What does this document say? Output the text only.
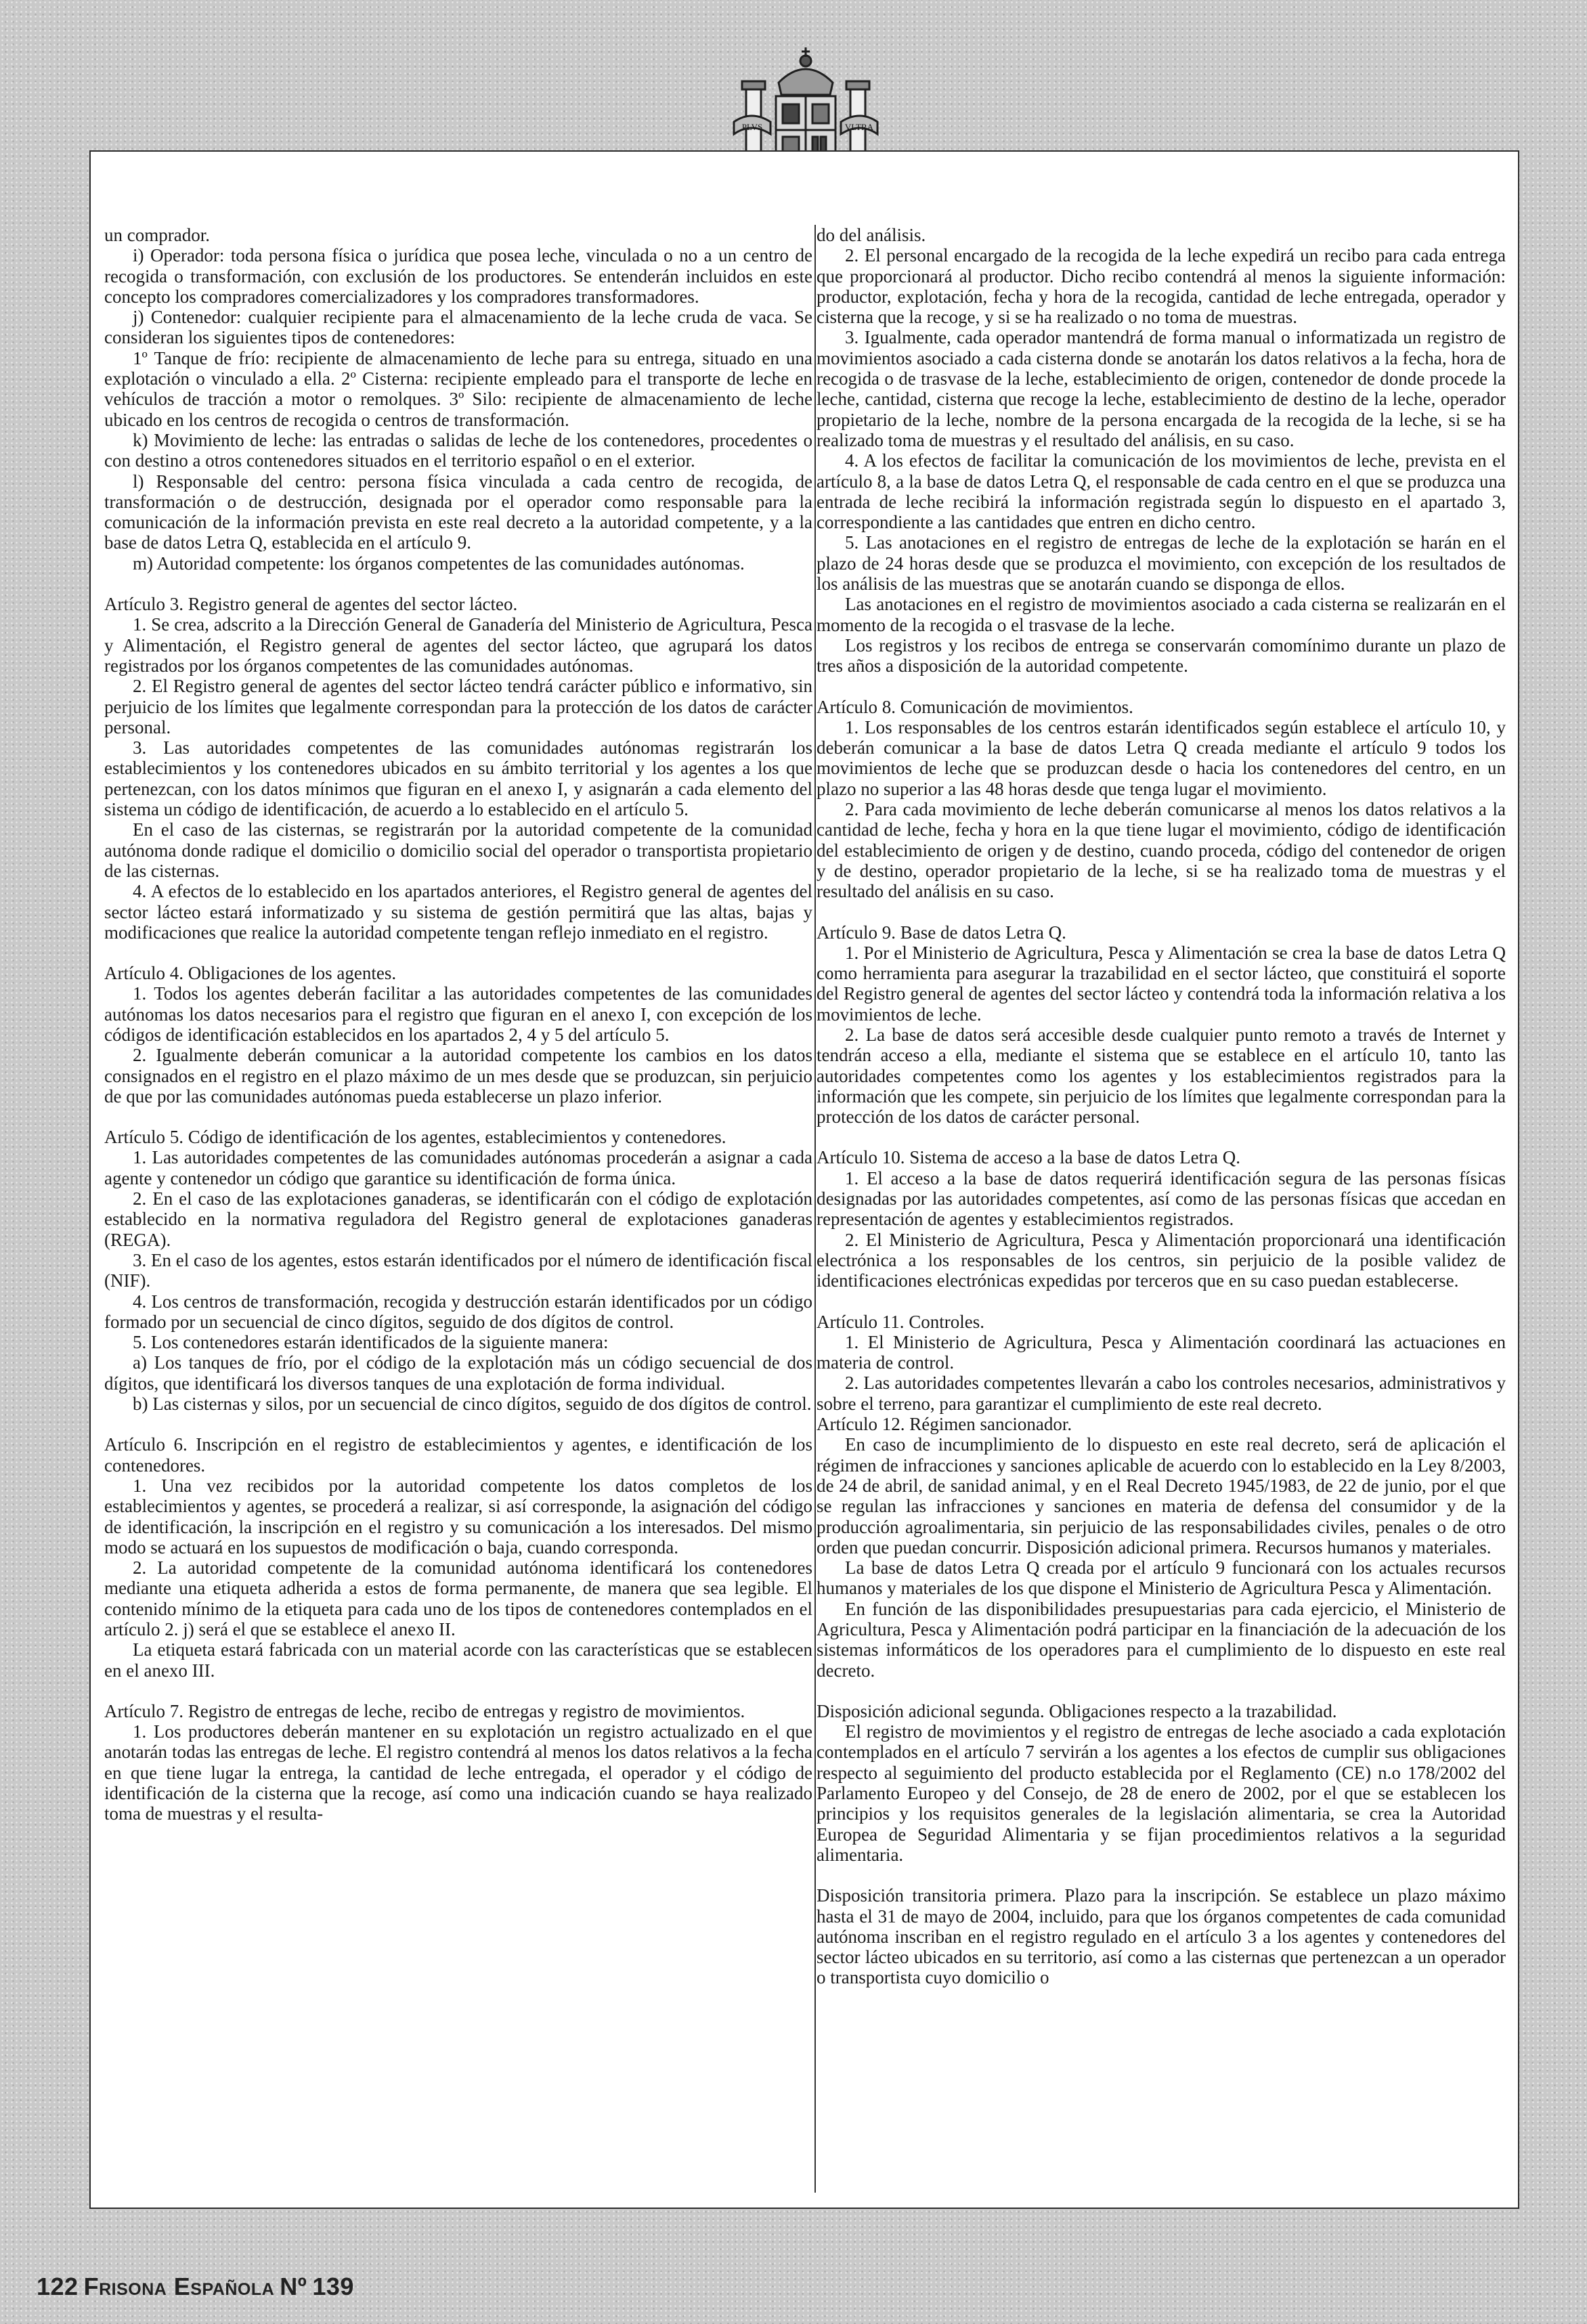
PLVS	VLTRA

un comprador.

i) Operador: toda persona física o jurídica que posea leche, vinculada o no a un centro de recogida o transformación, con exclusión de los productores. Se entenderán incluidos en este concepto los compradores comercializadores y los compradores transformadores.

j) Contenedor: cualquier recipiente para el almacenamiento de la leche cruda de vaca. Se consideran los siguientes tipos de contenedores:

1º Tanque de frío: recipiente de almacenamiento de leche para su entrega, situado en una explotación o vinculado a ella. 2º Cisterna: recipiente empleado para el transporte de leche en vehículos de tracción a motor o remolques. 3º Silo: recipiente de almacenamiento de leche ubicado en los centros de recogida o centros de transformación.

k) Movimiento de leche: las entradas o salidas de leche de los contenedores, procedentes o con destino a otros contenedores situados en el territorio español o en el exterior.

l) Responsable del centro: persona física vinculada a cada centro de recogida, de transformación o de destrucción, designada por el operador como responsable para la comunicación de la información prevista en este real decreto a la autoridad competente, y a la base de datos Letra Q, establecida en el artículo 9.

m) Autoridad competente: los órganos competentes de las comunidades autónomas.

Artículo 3. Registro general de agentes del sector lácteo.

1. Se crea, adscrito a la Dirección General de Ganadería del Ministerio de Agricultura, Pesca y Alimentación, el Registro general de agentes del sector lácteo, que agrupará los datos registrados por los órganos competentes de las comunidades autónomas.

2. El Registro general de agentes del sector lácteo tendrá carácter público e informativo, sin perjuicio de los límites que legalmente correspondan para la protección de los datos de carácter personal.

3. Las autoridades competentes de las comunidades autónomas registrarán los establecimientos y los contenedores ubicados en su ámbito territorial y los agentes a los que pertenezcan, con los datos mínimos que figuran en el anexo I, y asignarán a cada elemento del sistema un código de identificación, de acuerdo a lo establecido en el artículo 5.

En el caso de las cisternas, se registrarán por la autoridad competente de la comunidad autónoma donde radique el domicilio o domicilio social del operador o transportista propietario de las cisternas.

4. A efectos de lo establecido en los apartados anteriores, el Registro general de agentes del sector lácteo estará informatizado y su sistema de gestión permitirá que las altas, bajas y modificaciones que realice la autoridad competente tengan reflejo inmediato en el registro.

Artículo 4. Obligaciones de los agentes.

1. Todos los agentes deberán facilitar a las autoridades competentes de las comunidades autónomas los datos necesarios para el registro que figuran en el anexo I, con excepción de los códigos de identificación establecidos en los apartados 2, 4 y 5 del artículo 5.

2. Igualmente deberán comunicar a la autoridad competente los cambios en los datos consignados en el registro en el plazo máximo de un mes desde que se produzcan, sin perjuicio de que por las comunidades autónomas pueda establecerse un plazo inferior.

Artículo 5. Código de identificación de los agentes, establecimientos y contenedores.

1. Las autoridades competentes de las comunidades autónomas procederán a asignar a cada agente y contenedor un código que garantice su identificación de forma única.

2. En el caso de las explotaciones ganaderas, se identificarán con el código de explotación establecido en la normativa reguladora del Registro general de explotaciones ganaderas (REGA).

3. En el caso de los agentes, estos estarán identificados por el número de identificación fiscal (NIF).

4. Los centros de transformación, recogida y destrucción estarán identificados por un código formado por un secuencial de cinco dígitos, seguido de dos dígitos de control.

5. Los contenedores estarán identificados de la siguiente manera:

a) Los tanques de frío, por el código de la explotación más un código secuencial de dos dígitos, que identificará los diversos tanques de una explotación de forma individual.

b) Las cisternas y silos, por un secuencial de cinco dígitos, seguido de dos dígitos de control.

Artículo 6. Inscripción en el registro de establecimientos y agentes, e identificación de los contenedores.

1. Una vez recibidos por la autoridad competente los datos completos de los establecimientos y agentes, se procederá a realizar, si así corresponde, la asignación del código de identificación, la inscripción en el registro y su comunicación a los interesados. Del mismo modo se actuará en los supuestos de modificación o baja, cuando corresponda.

2. La autoridad competente de la comunidad autónoma identificará los contenedores mediante una etiqueta adherida a estos de forma permanente, de manera que sea legible. El contenido mínimo de la etiqueta para cada uno de los tipos de contenedores contemplados en el artículo 2. j) será el que se establece el anexo II.

La etiqueta estará fabricada con un material acorde con las características que se establecen en el anexo III.

Artículo 7. Registro de entregas de leche, recibo de entregas y registro de movimientos.

1. Los productores deberán mantener en su explotación un registro actualizado en el que anotarán todas las entregas de leche. El registro contendrá al menos los datos relativos a la fecha en que tiene lugar la entrega, la cantidad de leche entregada, el operador y el código de identificación de la cisterna que la recoge, así como una indicación cuando se haya realizado toma de muestras y el resulta-

do del análisis.

2. El personal encargado de la recogida de la leche expedirá un recibo para cada entrega que proporcionará al productor. Dicho recibo contendrá al menos la siguiente información: productor, explotación, fecha y hora de la recogida, cantidad de leche entregada, operador y cisterna que la recoge, y si se ha realizado o no toma de muestras.

3. Igualmente, cada operador mantendrá de forma manual o informatizada un registro de movimientos asociado a cada cisterna donde se anotarán los datos relativos a la fecha, hora de recogida o de trasvase de la leche, establecimiento de origen, contenedor de donde procede la leche, cantidad, cisterna que recoge la leche, establecimiento de destino de la leche, operador propietario de la leche, nombre de la persona encargada de la recogida de la leche, si se ha realizado toma de muestras y el resultado del análisis, en su caso.

4. A los efectos de facilitar la comunicación de los movimientos de leche, prevista en el artículo 8, a la base de datos Letra Q, el responsable de cada centro en el que se produzca una entrada de leche recibirá la información registrada según lo dispuesto en el apartado 3, correspondiente a las cantidades que entren en dicho centro.

5. Las anotaciones en el registro de entregas de leche de la explotación se harán en el plazo de 24 horas desde que se produzca el movimiento, con excepción de los resultados de los análisis de las muestras que se anotarán cuando se disponga de ellos.

Las anotaciones en el registro de movimientos asociado a cada cisterna se realizarán en el momento de la recogida o el trasvase de la leche.

Los registros y los recibos de entrega se conservarán comomínimo durante un plazo de tres años a disposición de la autoridad competente.

Artículo 8. Comunicación de movimientos.

1. Los responsables de los centros estarán identificados según establece el artículo 10, y deberán comunicar a la base de datos Letra Q creada mediante el artículo 9 todos los movimientos de leche que se produzcan desde o hacia los contenedores del centro, en un plazo no superior a las 48 horas desde que tenga lugar el movimiento.

2. Para cada movimiento de leche deberán comunicarse al menos los datos relativos a la cantidad de leche, fecha y hora en la que tiene lugar el movimiento, código de identificación del establecimiento de origen y de destino, cuando proceda, código del contenedor de origen y de destino, operador propietario de la leche, si se ha realizado toma de muestras y el resultado del análisis en su caso.

Artículo 9. Base de datos Letra Q.

1. Por el Ministerio de Agricultura, Pesca y Alimentación se crea la base de datos Letra Q como herramienta para asegurar la trazabilidad en el sector lácteo, que constituirá el soporte del Registro general de agentes del sector lácteo y contendrá toda la información relativa a los movimientos de leche.

2. La base de datos será accesible desde cualquier punto remoto a través de Internet y tendrán acceso a ella, mediante el sistema que se establece en el artículo 10, tanto las autoridades competentes como los agentes y los establecimientos registrados para la información que les compete, sin perjuicio de los límites que legalmente correspondan para la protección de los datos de carácter personal.

Artículo 10. Sistema de acceso a la base de datos Letra Q.

1. El acceso a la base de datos requerirá identificación segura de las personas físicas designadas por las autoridades competentes, así como de las personas físicas que accedan en representación de agentes y establecimientos registrados.

2. El Ministerio de Agricultura, Pesca y Alimentación proporcionará una identificación electrónica a los responsables de los centros, sin perjuicio de la posible validez de identificaciones electrónicas expedidas por terceros que en su caso puedan establecerse.

Artículo 11. Controles.

1. El Ministerio de Agricultura, Pesca y Alimentación coordinará las actuaciones en materia de control.

2. Las autoridades competentes llevarán a cabo los controles necesarios, administrativos y sobre el terreno, para garantizar el cumplimiento de este real decreto.

Artículo 12. Régimen sancionador.

En caso de incumplimiento de lo dispuesto en este real decreto, será de aplicación el régimen de infracciones y sanciones aplicable de acuerdo con lo establecido en la Ley 8/2003, de 24 de abril, de sanidad animal, y en el Real Decreto 1945/1983, de 22 de junio, por el que se regulan las infracciones y sanciones en materia de defensa del consumidor y de la producción agroalimentaria, sin perjuicio de las responsabilidades civiles, penales o de otro orden que puedan concurrir. Disposición adicional primera. Recursos humanos y materiales.

La base de datos Letra Q creada por el artículo 9 funcionará con los actuales recursos humanos y materiales de los que dispone el Ministerio de Agricultura Pesca y Alimentación.

En función de las disponibilidades presupuestarias para cada ejercicio, el Ministerio de Agricultura, Pesca y Alimentación podrá participar en la financiación de la adecuación de los sistemas informáticos de los operadores para el cumplimiento de lo dispuesto en este real decreto.

Disposición adicional segunda. Obligaciones respecto a la trazabilidad.

El registro de movimientos y el registro de entregas de leche asociado a cada explotación contemplados en el artículo 7 servirán a los agentes a los efectos de cumplir sus obligaciones respecto al seguimiento del producto establecida por el Reglamento (CE) n.o 178/2002 del Parlamento Europeo y del Consejo, de 28 de enero de 2002, por el que se establecen los principios y los requisitos generales de la legislación alimentaria, se crea la Autoridad Europea de Seguridad Alimentaria y se fijan procedimientos relativos a la seguridad alimentaria.

Disposición transitoria primera. Plazo para la inscripción. Se establece un plazo máximo hasta el 31 de mayo de 2004, incluido, para que los órganos competentes de cada comunidad autónoma inscriban en el registro regulado en el artículo 3 a los agentes y contenedores del sector lácteo ubicados en su territorio, así como a las cisternas que pertenezcan a un operador o transportista cuyo domicilio o

122 Frisona Española Nº 139
